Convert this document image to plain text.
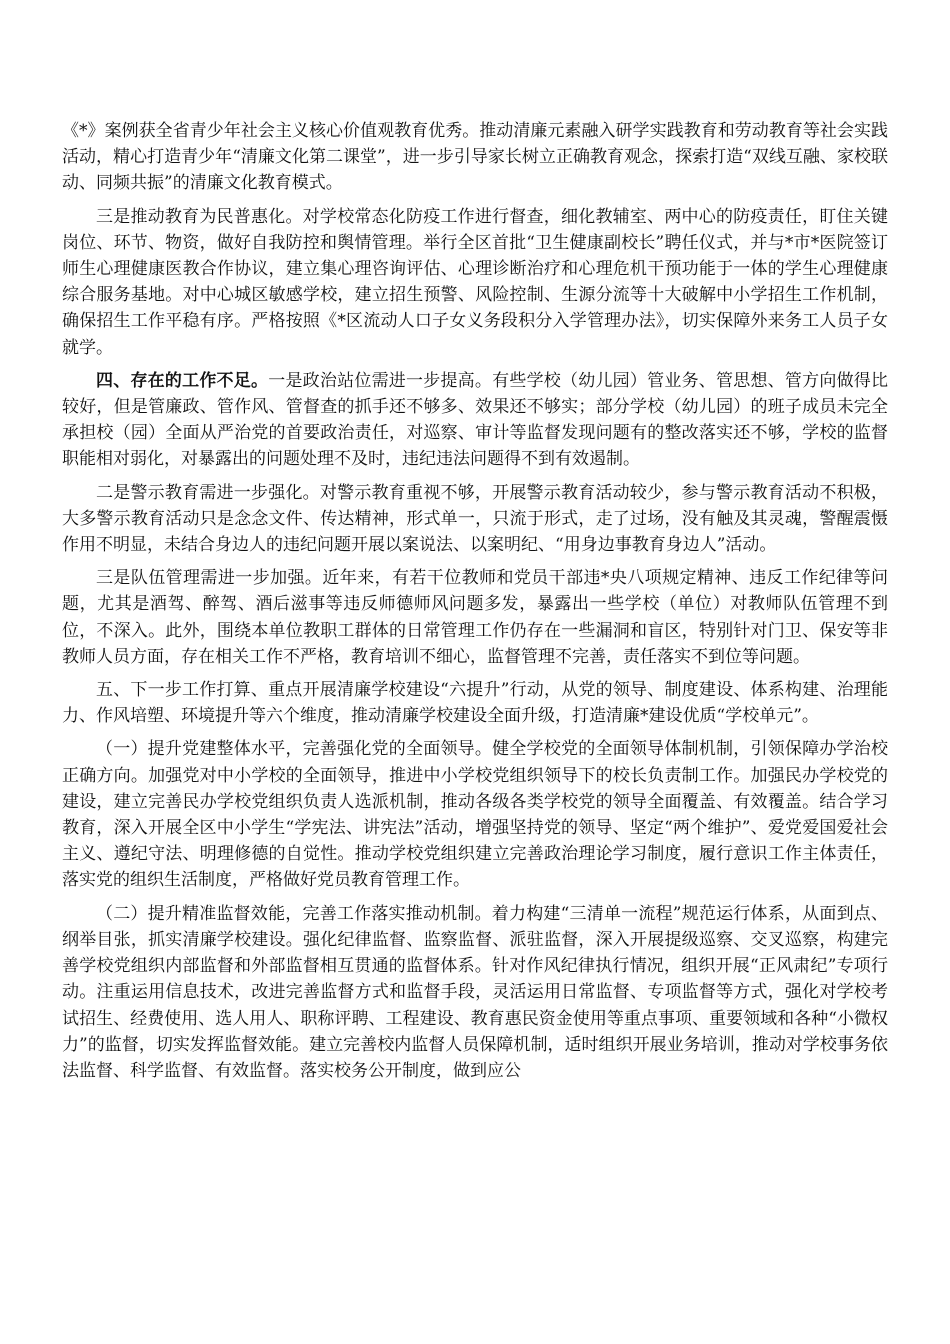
《*》案例获全省青少年社会主义核心价值观教育优秀。推动清廉元素融入研学实践教育和劳动教育等社会实践活动，精心打造青少年“清廉文化第二课堂”，进一步引导家长树立正确教育观念，探索打造“双线互融、家校联动、同频共振”的清廉文化教育模式。

三是推动教育为民普惠化。对学校常态化防疫工作进行督查，细化教辅室、两中心的防疫责任，盯住关键岗位、环节、物资，做好自我防控和舆情管理。举行全区首批“卫生健康副校长”聘任仪式，并与*市*医院签订师生心理健康医教合作协议，建立集心理咨询评估、心理诊断治疗和心理危机干预功能于一体的学生心理健康综合服务基地。对中心城区敏感学校，建立招生预警、风险控制、生源分流等十大破解中小学招生工作机制，确保招生工作平稳有序。严格按照《*区流动人口子女义务段积分入学管理办法》，切实保障外来务工人员子女就学。

四、存在的工作不足。一是政治站位需进一步提高。有些学校（幼儿园）管业务、管思想、管方向做得比较好，但是管廉政、管作风、管督查的抓手还不够多、效果还不够实；部分学校（幼儿园）的班子成员未完全承担校（园）全面从严治党的首要政治责任，对巡察、审计等监督发现问题有的整改落实还不够，学校的监督职能相对弱化，对暴露出的问题处理不及时，违纪违法问题得不到有效遏制。

二是警示教育需进一步强化。对警示教育重视不够，开展警示教育活动较少，参与警示教育活动不积极，大多警示教育活动只是念念文件、传达精神，形式单一，只流于形式，走了过场，没有触及其灵魂，警醒震慑作用不明显，未结合身边人的违纪问题开展以案说法、以案明纪、“用身边事教育身边人”活动。

三是队伍管理需进一步加强。近年来，有若干位教师和党员干部违*央八项规定精神、违反工作纪律等问题，尤其是酒驾、醉驾、酒后滋事等违反师德师风问题多发，暴露出一些学校（单位）对教师队伍管理不到位，不深入。此外，围绕本单位教职工群体的日常管理工作仍存在一些漏洞和盲区，特别针对门卫、保安等非教师人员方面，存在相关工作不严格，教育培训不细心，监督管理不完善，责任落实不到位等问题。

五、下一步工作打算、重点开展清廉学校建设“六提升”行动，从党的领导、制度建设、体系构建、治理能力、作风培塑、环境提升等六个维度，推动清廉学校建设全面升级，打造清廉*建设优质“学校单元”。

（一）提升党建整体水平，完善强化党的全面领导。健全学校党的全面领导体制机制，引领保障办学治校正确方向。加强党对中小学校的全面领导，推进中小学校党组织领导下的校长负责制工作。加强民办学校党的建设，建立完善民办学校党组织负责人选派机制，推动各级各类学校党的领导全面覆盖、有效覆盖。结合学习教育，深入开展全区中小学生“学宪法、讲宪法”活动，增强坚持党的领导、坚定“两个维护”、爱党爱国爱社会主义、遵纪守法、明理修德的自觉性。推动学校党组织建立完善政治理论学习制度，履行意识工作主体责任，落实党的组织生活制度，严格做好党员教育管理工作。

（二）提升精准监督效能，完善工作落实推动机制。着力构建“三清单一流程”规范运行体系，从面到点、纲举目张，抓实清廉学校建设。强化纪律监督、监察监督、派驻监督，深入开展提级巡察、交叉巡察，构建完善学校党组织内部监督和外部监督相互贯通的监督体系。针对作风纪律执行情况，组织开展“正风肃纪”专项行动。注重运用信息技术，改进完善监督方式和监督手段，灵活运用日常监督、专项监督等方式，强化对学校考试招生、经费使用、选人用人、职称评聘、工程建设、教育惠民资金使用等重点事项、重要领域和各种“小微权力”的监督，切实发挥监督效能。建立完善校内监督人员保障机制，适时组织开展业务培训，推动对学校事务依法监督、科学监督、有效监督。落实校务公开制度，做到应公
